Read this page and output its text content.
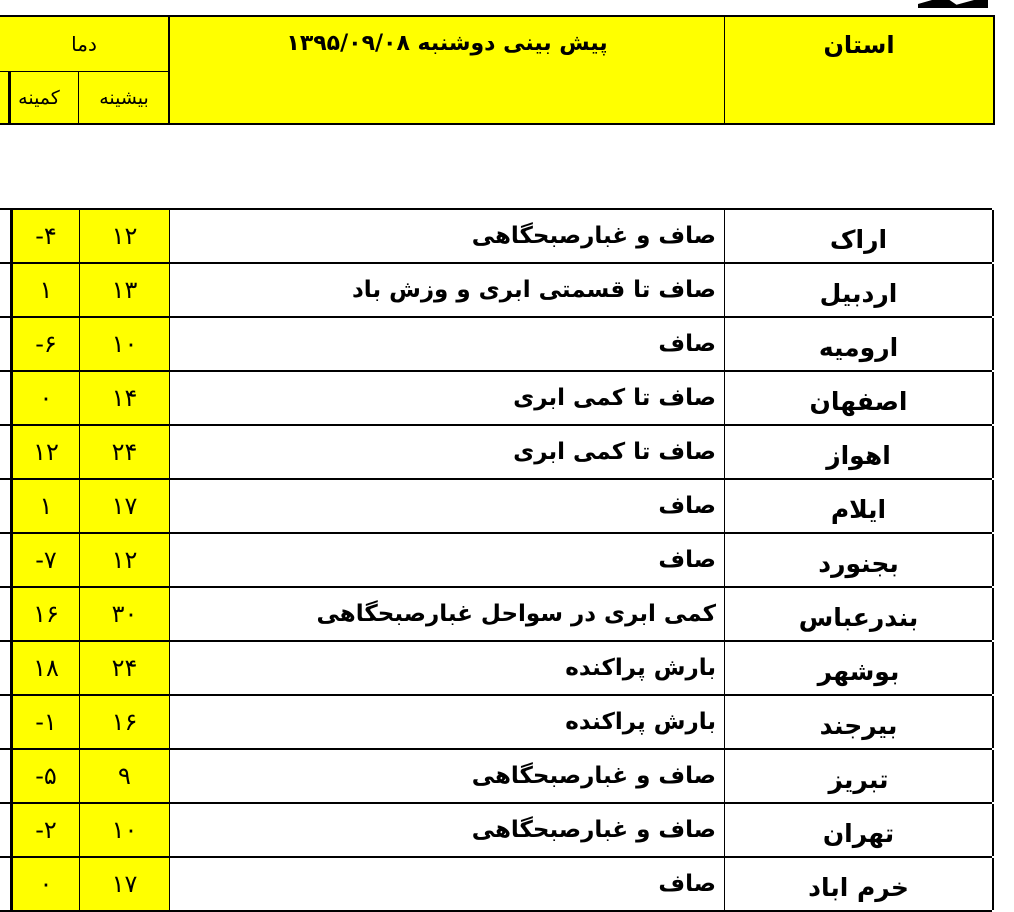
استان
پیش بینی دوشنبه ۱۳۹۵/۰۹/۰۸
دما
بیشینه
کمینه
اراک
صاف و غبارصبحگاهی
۱۲
-۴
اردبیل
صاف تا قسمتی ابری و وزش باد
۱۳
۱
ارومیه
صاف
۱۰
-۶
اصفهان
صاف تا کمی ابری
۱۴
۰
اهواز
صاف تا کمی ابری
۲۴
۱۲
ایلام
صاف
۱۷
۱
بجنورد
صاف
۱۲
-۷
بندرعباس
کمی ابری در سواحل غبارصبحگاهی
۳۰
۱۶
بوشهر
بارش پراکنده
۲۴
۱۸
بیرجند
بارش پراکنده
۱۶
-۱
تبریز
صاف و غبارصبحگاهی
۹
-۵
تهران
صاف و غبارصبحگاهی
۱۰
-۲
خرم اباد
صاف
۱۷
۰
